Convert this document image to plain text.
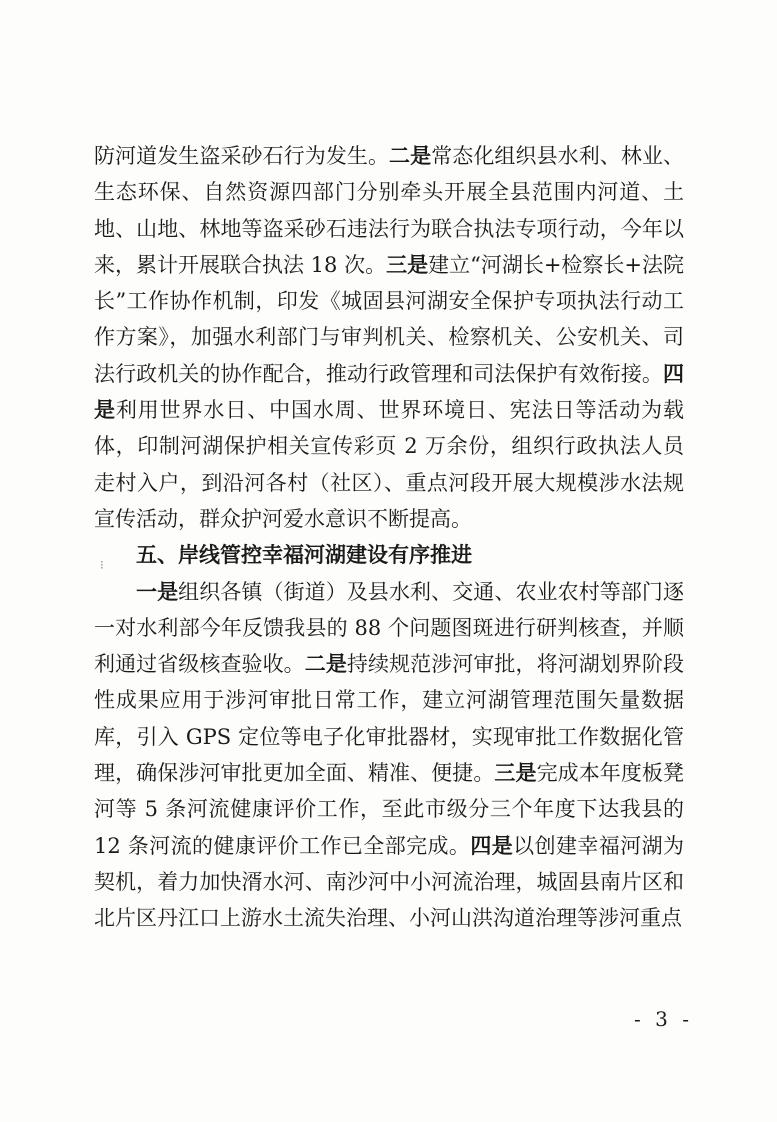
⁝

防河道发生盗采砂石行为发生。二是常态化组织县水利、林业、生态环保、自然资源四部门分别牵头开展全县范围内河道、土地、山地、林地等盗采砂石违法行为联合执法专项行动，今年以来，累计开展联合执法 18 次。三是建立“河湖长+检察长+法院长”工作协作机制，印发《城固县河湖安全保护专项执法行动工作方案》，加强水利部门与审判机关、检察机关、公安机关、司法行政机关的协作配合，推动行政管理和司法保护有效衔接。四是利用世界水日、中国水周、世界环境日、宪法日等活动为载体，印制河湖保护相关宣传彩页 2 万余份，组织行政执法人员走村入户，到沿河各村（社区）、重点河段开展大规模涉水法规宣传活动，群众护河爱水意识不断提高。

五、岸线管控幸福河湖建设有序推进

一是组织各镇（街道）及县水利、交通、农业农村等部门逐一对水利部今年反馈我县的 88 个问题图斑进行研判核查，并顺利通过省级核查验收。二是持续规范涉河审批，将河湖划界阶段性成果应用于涉河审批日常工作，建立河湖管理范围矢量数据库，引入 GPS 定位等电子化审批器材，实现审批工作数据化管理，确保涉河审批更加全面、精准、便捷。三是完成本年度板凳河等 5 条河流健康评价工作，至此市级分三个年度下达我县的 12 条河流的健康评价工作已全部完成。四是以创建幸福河湖为契机，着力加快湑水河、南沙河中小河流治理，城固县南片区和北片区丹江口上游水土流失治理、小河山洪沟道治理等涉河重点

- 3 -
